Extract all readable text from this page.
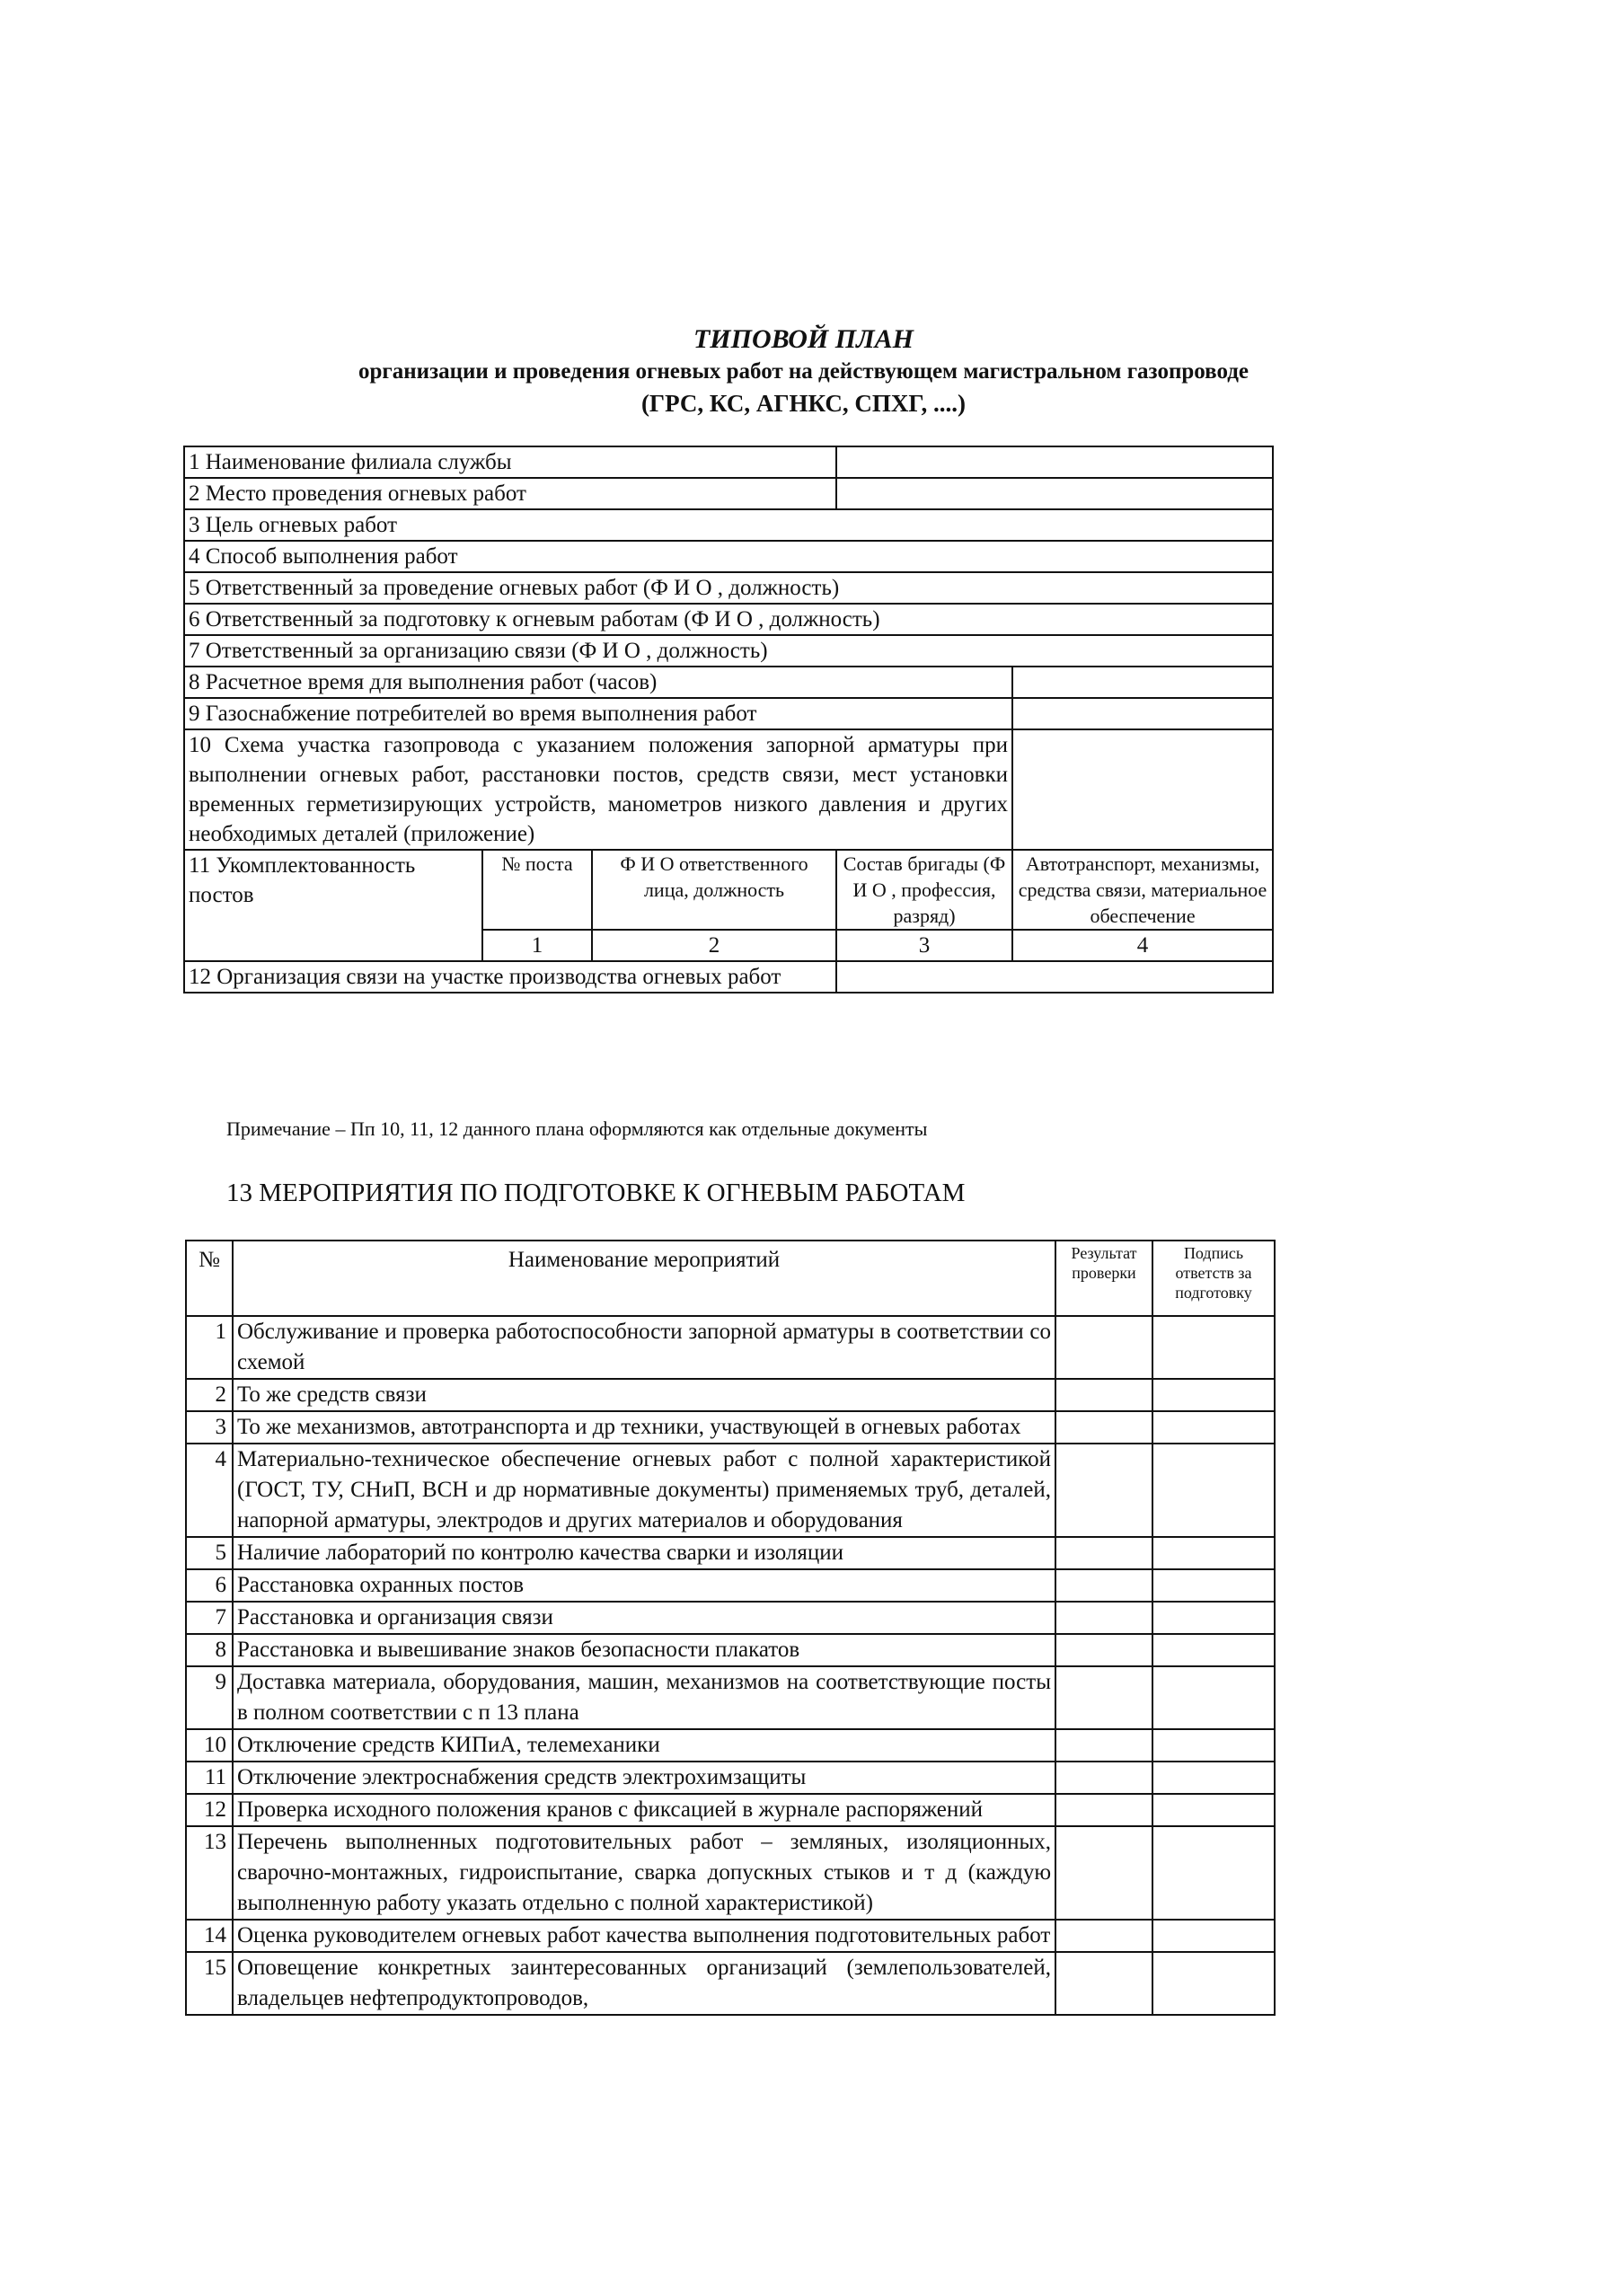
ТИПОВОЙ ПЛАН
организации и проведения огневых работ на действующем магистральном газопроводе
(ГРС, КС, АГНКС, СПХГ, ....)
1 Наименование филиала службы				
2 Место проведения огневых работ				
3 Цель огневых работ				
4 Способ выполнения работ				
5 Ответственный за проведение огневых работ (Ф И О , должность)				
6 Ответственный за подготовку к огневым работам (Ф И О , должность)				
7 Ответственный за организацию связи (Ф И О , должность)				
8 Расчетное время для выполнения работ (часов)				
9 Газоснабжение потребителей во время выполнения работ				
10 Схема участка газопровода с указанием положения запорной арматуры при выполнении огневых работ, расстановки постов, средств связи, мест установки временных герметизирующих устройств, манометров низкого давления и других необходимых деталей (приложение)				
11 Укомплектованность постов	№ поста	Ф И О ответственного лица, должность	Состав бригады (Ф И О , профессия, разряд)	Автотранспорт, механизмы, средства связи, материальное обеспечение
	1	2	3	4
12 Организация связи на участке производства огневых работ				
Примечание – Пп 10, 11, 12 данного плана оформляются как отдельные документы
13 МЕРОПРИЯТИЯ ПО ПОДГОТОВКЕ К ОГНЕВЫМ РАБОТАМ
№	Наименование мероприятий	Результат проверки	Подпись ответств за подготовку
1	Обслуживание и проверка работоспособности запорной арматуры в соответствии со схемой		
2	То же средств связи		
3	То же механизмов, автотранспорта и др техники, участвующей в огневых работах		
4	Материально-техническое обеспечение огневых работ с полной характеристикой (ГОСТ, ТУ, СНиП, ВСН и др нормативные документы) применяемых труб, деталей, напорной арматуры, электродов и других материалов и оборудования		
5	Наличие лабораторий по контролю качества сварки и изоляции		
6	Расстановка охранных постов		
7	Расстановка и организация связи		
8	Расстановка и вывешивание знаков безопасности плакатов		
9	Доставка материала, оборудования, машин, механизмов на соответствующие посты в полном соответствии с п 13 плана		
10	Отключение средств КИПиА, телемеханики		
11	Отключение электроснабжения средств электрохимзащиты		
12	Проверка исходного положения кранов с фиксацией в журнале распоряжений		
13	Перечень выполненных подготовительных работ – земляных, изоляционных, сварочно-монтажных, гидроиспытание, сварка допускных стыков и т д (каждую выполненную работу указать отдельно с полной характеристикой)		
14	Оценка руководителем огневых работ качества выполнения подготовительных работ		
15	Оповещение конкретных заинтересованных организаций (землепользователей, владельцев нефтепродуктопроводов,		
